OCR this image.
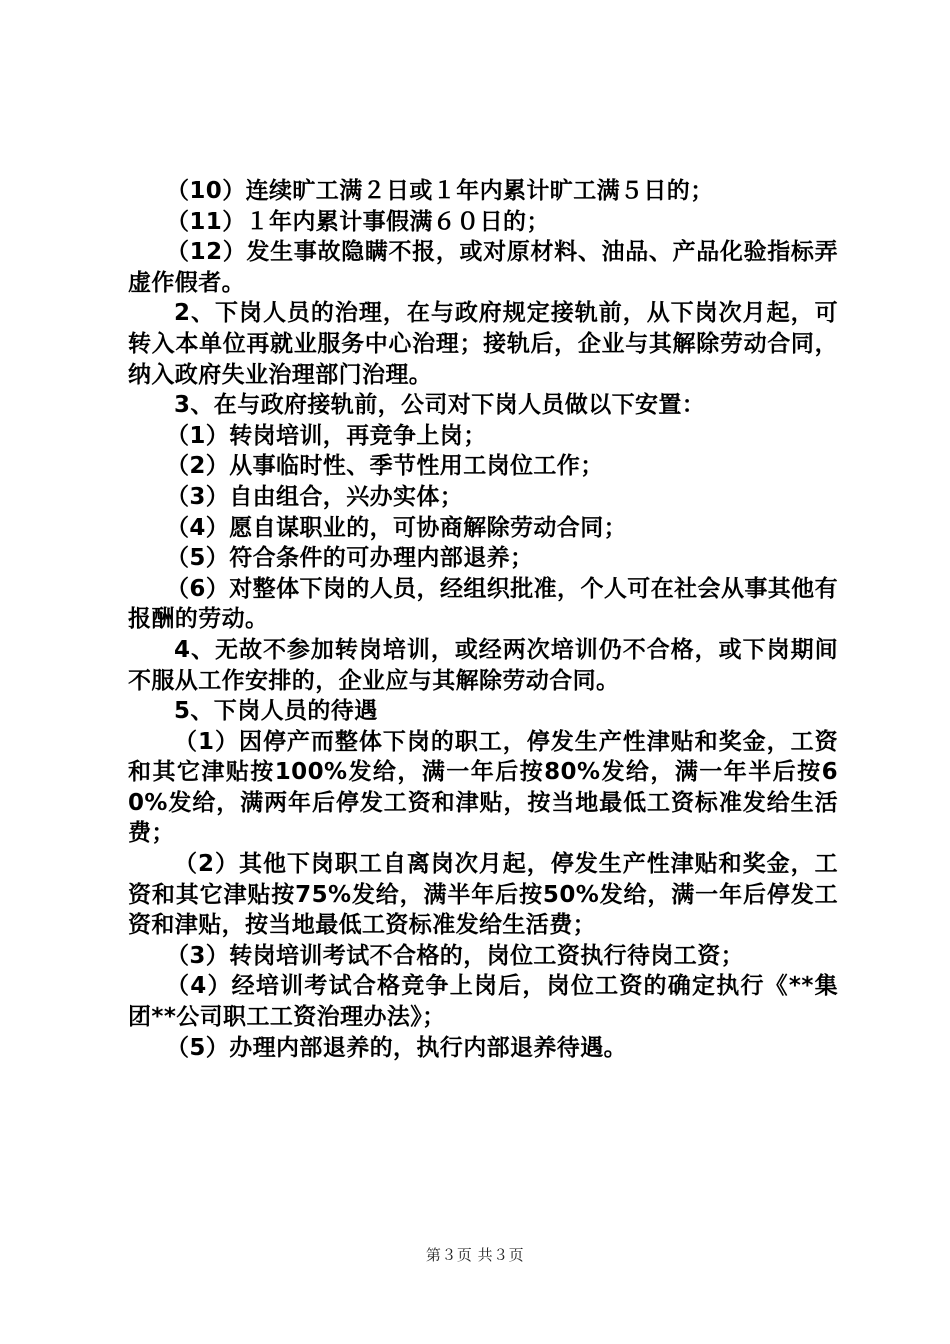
（10）连续旷工满２日或１年内累计旷工满５日的；

（11）１年内累计事假满６０日的；

（12）发生事故隐瞒不报，或对原材料、油品、产品化验指标弄虚作假者。

2、下岗人员的治理，在与政府规定接轨前，从下岗次月起，可转入本单位再就业服务中心治理；接轨后，企业与其解除劳动合同，纳入政府失业治理部门治理。

3、在与政府接轨前，公司对下岗人员做以下安置：

（1）转岗培训，再竞争上岗；

（2）从事临时性、季节性用工岗位工作；

（3）自由组合，兴办实体；

（4）愿自谋职业的，可协商解除劳动合同；

（5）符合条件的可办理内部退养；

（6）对整体下岗的人员，经组织批准，个人可在社会从事其他有报酬的劳动。

4、无故不参加转岗培训，或经两次培训仍不合格，或下岗期间不服从工作安排的，企业应与其解除劳动合同。

5、下岗人员的待遇

（1）因停产而整体下岗的职工，停发生产性津贴和奖金，工资和其它津贴按100%发给，满一年后按80%发给，满一年半后按60%发给，满两年后停发工资和津贴，按当地最低工资标准发给生活费；

（2）其他下岗职工自离岗次月起，停发生产性津贴和奖金，工资和其它津贴按75%发给，满半年后按50%发给，满一年后停发工资和津贴，按当地最低工资标准发给生活费；

（3）转岗培训考试不合格的，岗位工资执行待岗工资；

（4）经培训考试合格竞争上岗后，岗位工资的确定执行《**集团**公司职工工资治理办法》；

（5）办理内部退养的，执行内部退养待遇。

第３页 共３页
